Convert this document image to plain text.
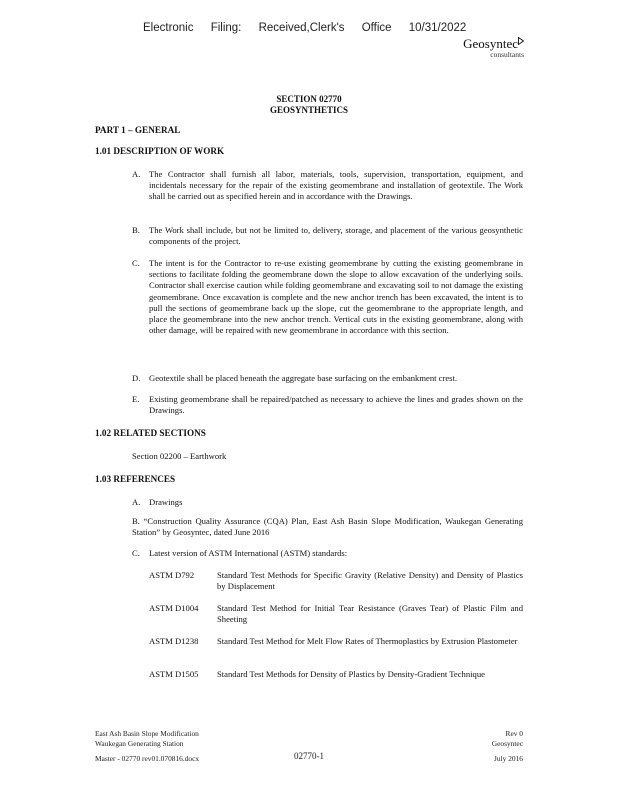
Electronic Filing: Received,Clerk's Office 10/31/2022
Geosyntec
consultants
SECTION 02770
GEOSYNTHETICS
PART 1 – GENERAL
1.01 DESCRIPTION OF WORK
A. The Contractor shall furnish all labor, materials, tools, supervision, transportation, equipment, and incidentals necessary for the repair of the existing geomembrane and installation of geotextile. The Work shall be carried out as specified herein and in accordance with the Drawings.
B. The Work shall include, but not be limited to, delivery, storage, and placement of the various geosynthetic components of the project.
C. The intent is for the Contractor to re-use existing geomembrane by cutting the existing geomembrane in sections to facilitate folding the geomembrane down the slope to allow excavation of the underlying soils. Contractor shall exercise caution while folding geomembrane and excavating soil to not damage the existing geomembrane. Once excavation is complete and the new anchor trench has been excavated, the intent is to pull the sections of geomembrane back up the slope, cut the geomembrane to the appropriate length, and place the geomembrane into the new anchor trench. Vertical cuts in the existing geomembrane, along with other damage, will be repaired with new geomembrane in accordance with this section.
D. Geotextile shall be placed beneath the aggregate base surfacing on the embankment crest.
E. Existing geomembrane shall be repaired/patched as necessary to achieve the lines and grades shown on the Drawings.
1.02 RELATED SECTIONS
Section 02200 – Earthwork
1.03 REFERENCES
A. Drawings
B. “Construction Quality Assurance (CQA) Plan, East Ash Basin Slope Modification, Waukegan Generating Station” by Geosyntec, dated June 2016
C. Latest version of ASTM International (ASTM) standards:
ASTM D792	Standard Test Methods for Specific Gravity (Relative Density) and Density of Plastics by Displacement
ASTM D1004 Standard Test Method for Initial Tear Resistance (Graves Tear) of Plastic Film and Sheeting
ASTM D1238 Standard Test Method for Melt Flow Rates of Thermoplastics by Extrusion Plastometer
ASTM D1505 Standard Test Methods for Density of Plastics by Density-Gradient Technique
East Ash Basin Slope Modification
Waukegan Generating Station
Master - 02770 rev01.070816.docx	02770-1
Rev 0
Geosyntec
July 2016
